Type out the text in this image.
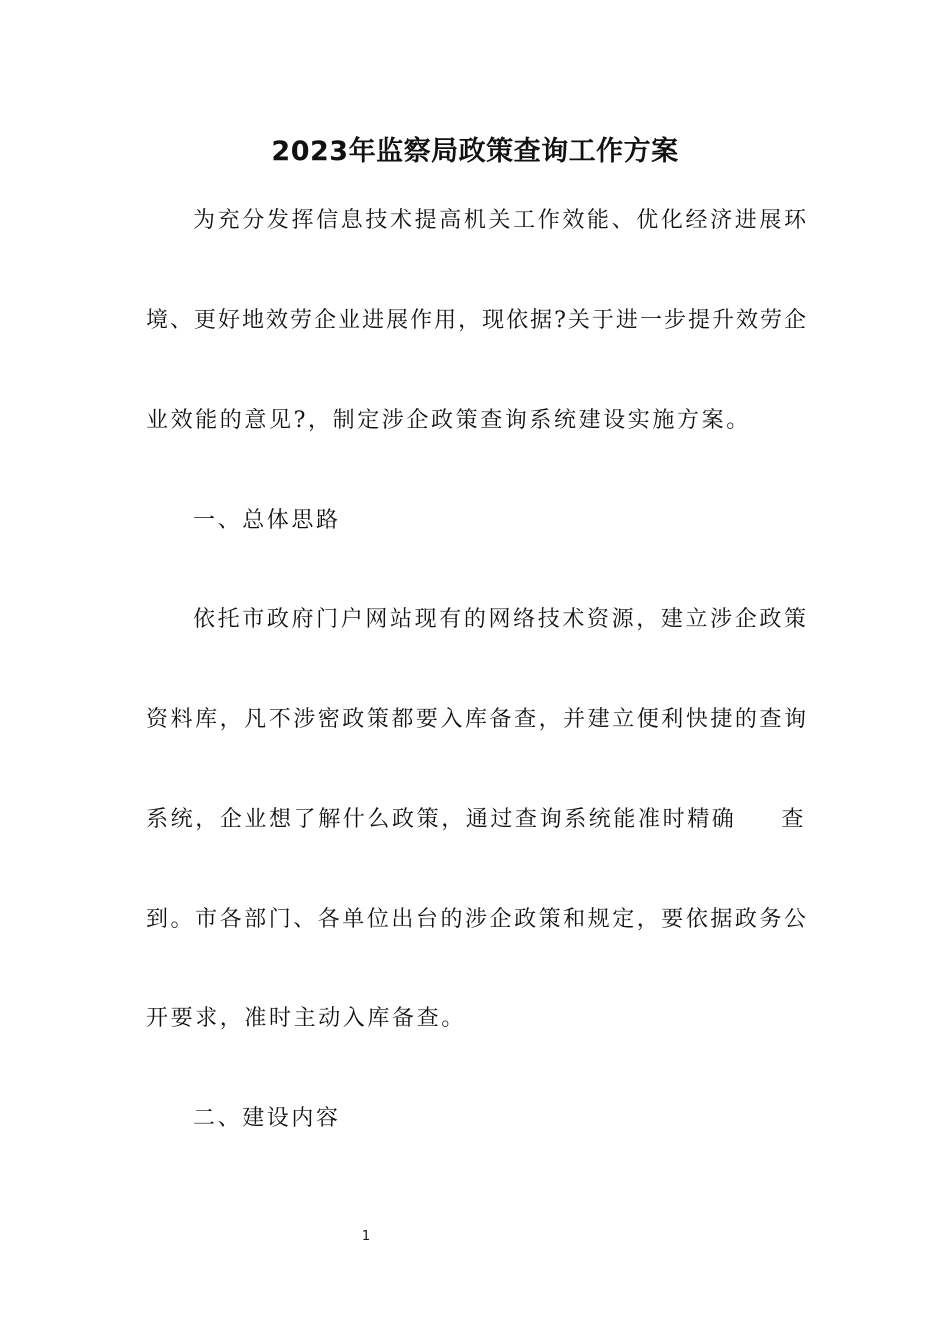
2023年监察局政策查询工作方案
为充分发挥信息技术提高机关工作效能、优化经济进展环
境、更好地效劳企业进展作用，现依据?关于进一步提升效劳企
业效能的意见?，制定涉企政策查询系统建设实施方案。
一、总体思路
依托市政府门户网站现有的网络技术资源，建立涉企政策
资料库，凡不涉密政策都要入库备查，并建立便利快捷的查询
系统，企业想了解什么政策，通过查询系统能准时精确 查
到。市各部门、各单位出台的涉企政策和规定，要依据政务公
开要求，准时主动入库备查。
二、建设内容
1
